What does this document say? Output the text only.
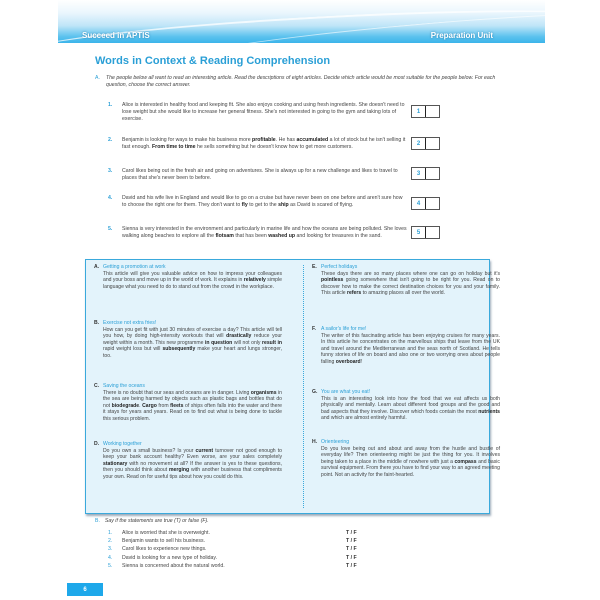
Succeed in APTIS	Preparation Unit
Words in Context & Reading Comprehension
A.	The people below all want to read an interesting article. Read the descriptions of eight articles. Decide which article would be most suitable for the people below. For each question, choose the correct answer.
1.	Alice is interested in healthy food and keeping fit. She also enjoys cooking and using fresh ingredients. She doesn't need to lose weight but she would like to increase her general fitness. She's not interested in going to the gym and taking lots of exercise.
2.	Benjamin is looking for ways to make his business more profitable. He has accumulated a lot of stock but he isn't selling it fast enough. From time to time he sells something but he doesn't know how to get more customers.
3.	Carol likes being out in the fresh air and going on adventures. She is always up for a new challenge and likes to travel to places that she's never been to before.
4.	David and his wife live in England and would like to go on a cruise but have never been on one before and aren't sure how to choose the right one for them. They don't want to fly to get to the ship as David is scared of flying.
5.	Sienna is very interested in the environment and particularly in marine life and how the oceans are being polluted. She loves walking along beaches to explore all the flotsam that has been washed up and looking for treasures in the sand.
1
2
3
4
5
A. Getting a promotion at work
This article will give you valuable advice on how to impress your colleagues and your boss and move up in the world of work. It explains in relatively simple language what you need to do to stand out from the crowd in the workplace.
B. Exercise not extra fries!
How can you get fit with just 30 minutes of exercise a day? This article will tell you how, by doing high-intensity workouts that will drastically reduce your weight within a month. This new programme in question will not only result in rapid weight loss but will subsequently make your heart and lungs stronger, too.
C. Saving the oceans
There is no doubt that our seas and oceans are in danger. Living organisms in the sea are being harmed by objects such as plastic bags and bottles that do not biodegrade. Cargo from fleets of ships often falls into the water and there it stays for years and years. Read on to find out what is being done to tackle this serious problem.
D. Working together
Do you own a small business? Is your current turnover not good enough to keep your bank account healthy? Even worse, are your sales completely stationary with no movement at all? If the answer is yes to these questions, then you should think about merging with another business that compliments your own. Read on for useful tips about how you could do this.
E. Perfect holidays
These days there are so many places where one can go on holiday but it's pointless going somewhere that isn't going to be right for you. Read on to discover how to make the correct destination choices for you and your family. This article refers to amazing places all over the world.
F. A sailor's life for me!
The writer of this fascinating article has been enjoying cruises for many years. In this article he concentrates on the marvellous ships that leave from the UK and travel around the Mediterranean and the seas north of Scotland. He tells funny stories of life on board and also one or two worrying ones about people falling overboard!
G. You are what you eat!
This is an interesting look into how the food that we eat affects us both physically and mentally. Learn about different food groups and the good and bad aspects that they involve. Discover which foods contain the most nutrients and which are almost entirely harmful.
H. Orienteering
Do you love being out and about and away from the hustle and bustle of everyday life? Then orienteering might be just the thing for you. It involves being taken to a place in the middle of nowhere with just a compass and basic survival equipment. From there you have to find your way to an agreed meeting point. Not an activity for the faint-hearted.
B. Say if the statements are true (T) or false (F).
1. Alice is worried that she is overweight.	T / F
2. Benjamin wants to sell his business.	T / F
3. Carol likes to experience new things.	T / F
4. David is looking for a new type of holiday.	T / F
5. Sienna is concerned about the natural world.	T / F
6
